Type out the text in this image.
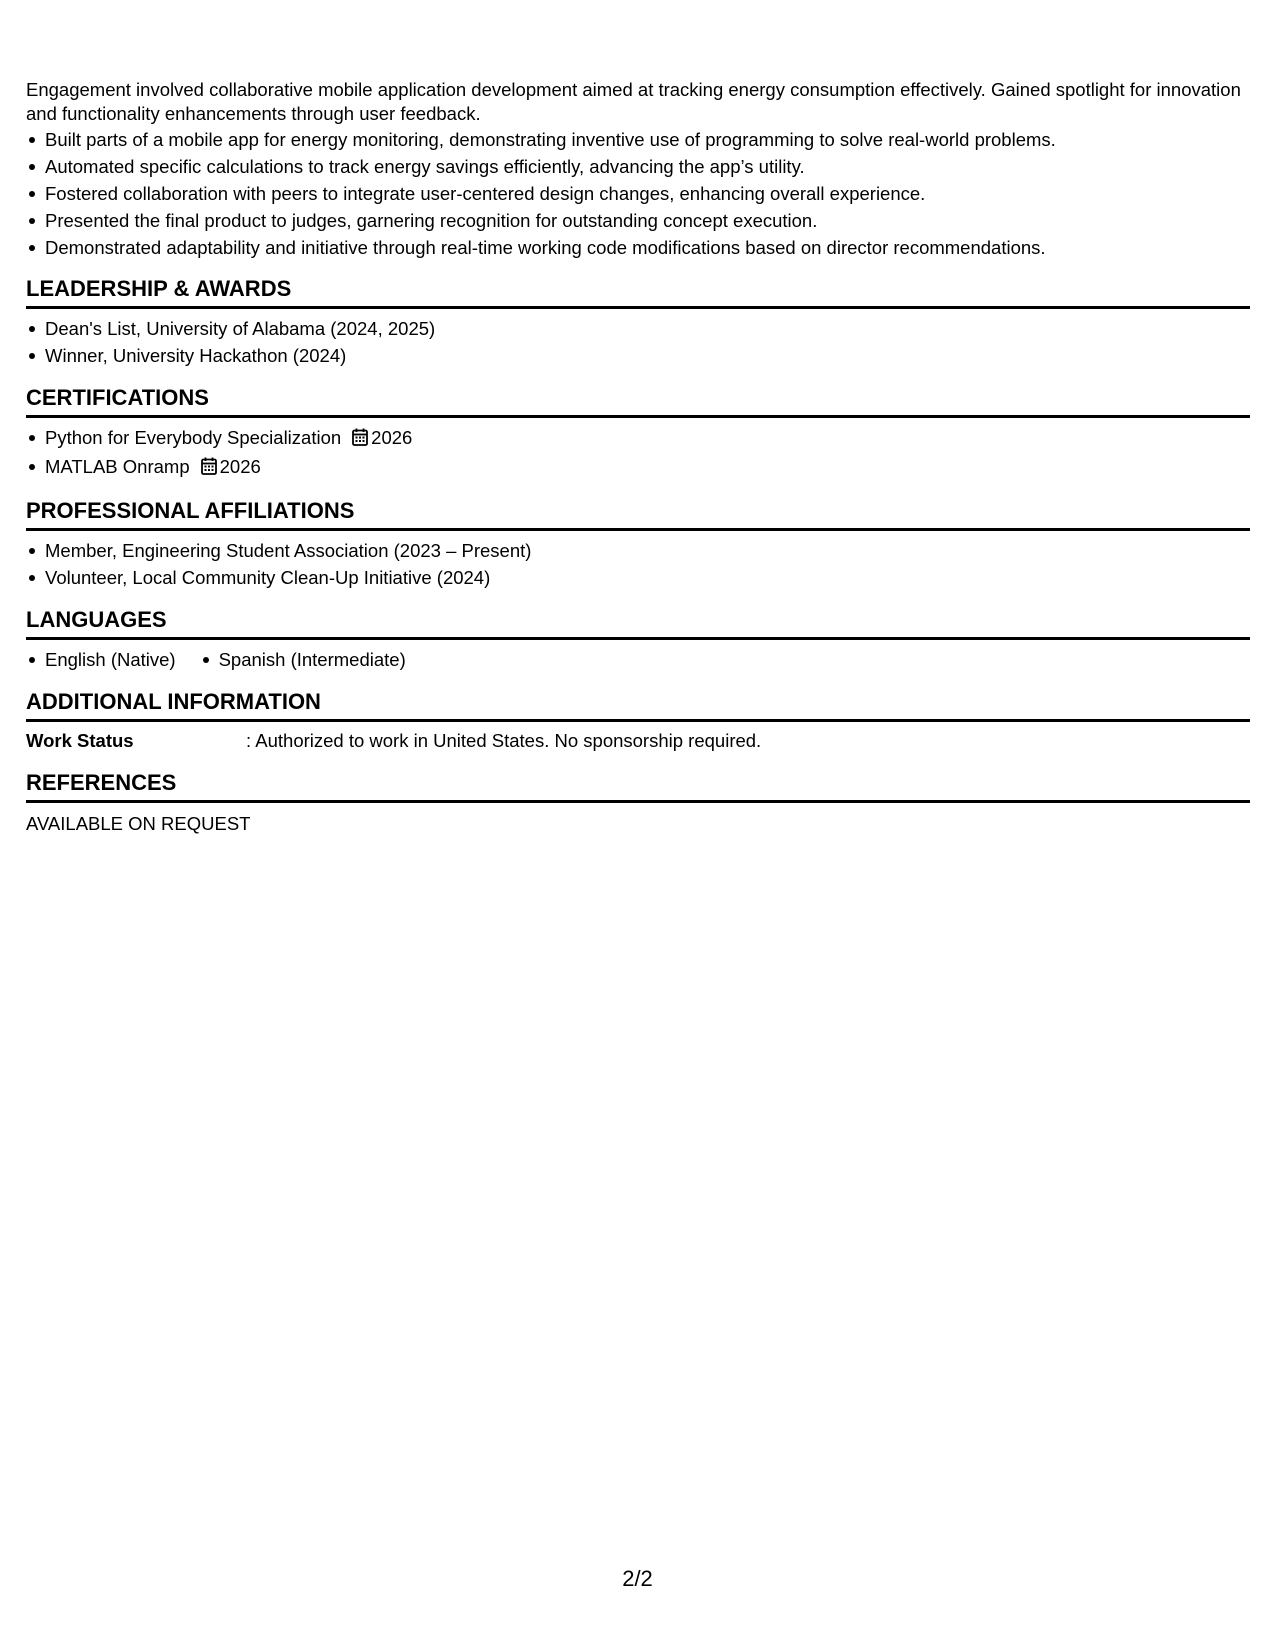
Engagement involved collaborative mobile application development aimed at tracking energy consumption effectively. Gained spotlight for innovation and functionality enhancements through user feedback.

Built parts of a mobile app for energy monitoring, demonstrating inventive use of programming to solve real-world problems.
Automated specific calculations to track energy savings efficiently, advancing the app’s utility.
Fostered collaboration with peers to integrate user-centered design changes, enhancing overall experience.
Presented the final product to judges, garnering recognition for outstanding concept execution.
Demonstrated adaptability and initiative through real-time working code modifications based on director recommendations.
LEADERSHIP & AWARDS
Dean's List, University of Alabama (2024, 2025)
Winner, University Hackathon (2024)
CERTIFICATIONS
Python for Everybody Specialization 2026
MATLAB Onramp 2026
PROFESSIONAL AFFILIATIONS
Member, Engineering Student Association (2023 – Present)
Volunteer, Local Community Clean-Up Initiative (2024)
LANGUAGES
English (Native)	Spanish (Intermediate)
ADDITIONAL INFORMATION
Work Status	: Authorized to work in United States. No sponsorship required.
REFERENCES
AVAILABLE ON REQUEST
2/2
